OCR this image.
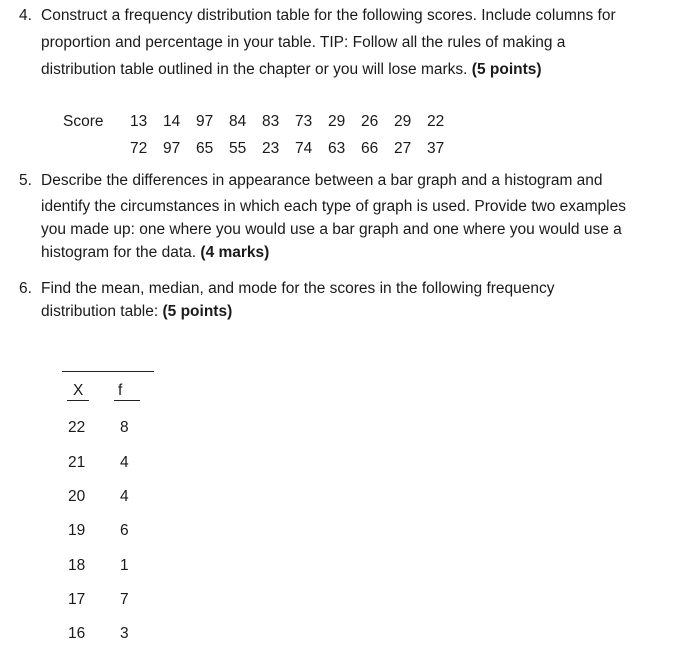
4. Construct a frequency distribution table for the following scores. Include columns for
proportion and percentage in your table. TIP: Follow all the rules of making a
distribution table outlined in the chapter or you will lose marks. (5 points)
Score 13	14	97	84	83	73	29	26	29	22
72	97	65	55	23	74	63	66	27	37
5. Describe the differences in appearance between a bar graph and a histogram and
identify the circumstances in which each type of graph is used. Provide two examples
you made up: one where you would use a bar graph and one where you would use a
histogram for the data. (4 marks)
6. Find the mean, median, and mode for the scores in the following frequency
distribution table: (5 points)
X	f
22	8
21	4
20	4
19	6
18	1
17	7
16	3
